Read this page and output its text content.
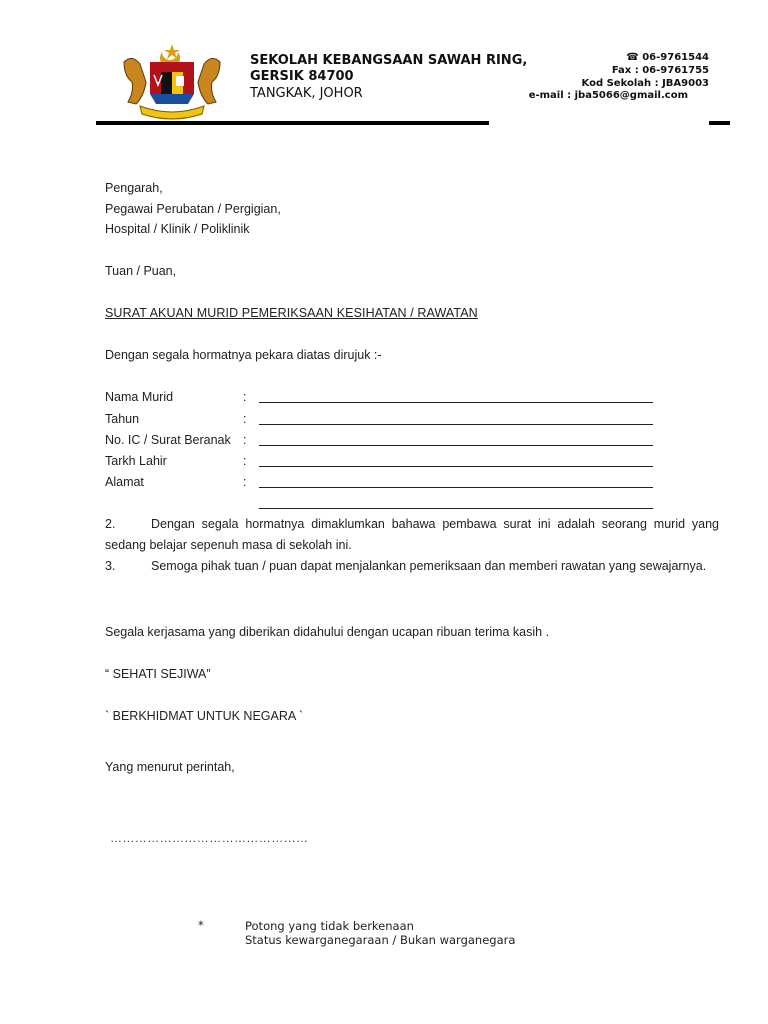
SEKOLAH KEBANGSAAN SAWAH RING,
GERSIK 84700
TANGKAK, JOHOR
☎ 06-9761544
Fax : 06-9761755
Kod Sekolah : JBA9003
e-mail : jba5066@gmail.com
Pengarah,
Pegawai Perubatan / Pergigian,
Hospital / Klinik / Poliklinik
Tuan / Puan,
SURAT AKUAN MURID PEMERIKSAAN KESIHATAN / RAWATAN
Dengan segala hormatnya pekara diatas dirujuk :-
Nama Murid	:
Tahun	:
No. IC / Surat Beranak :
Tarkh Lahir	:
Alamat	:
2.	Dengan segala hormatnya dimaklumkan bahawa pembawa surat ini adalah seorang murid yang sedang belajar sepenuh masa di sekolah ini.
3.	Semoga pihak tuan / puan dapat menjalankan pemeriksaan dan memberi rawatan yang sewajarnya.
Segala kerjasama yang diberikan didahului dengan ucapan ribuan terima kasih .
“ SEHATI SEJIWA”
` BERKHIDMAT UNTUK NEGARA `
Yang menurut perintah,
…………………………………………
*	Potong yang tidak berkenaan
Status kewarganegaraan / Bukan warganegara
